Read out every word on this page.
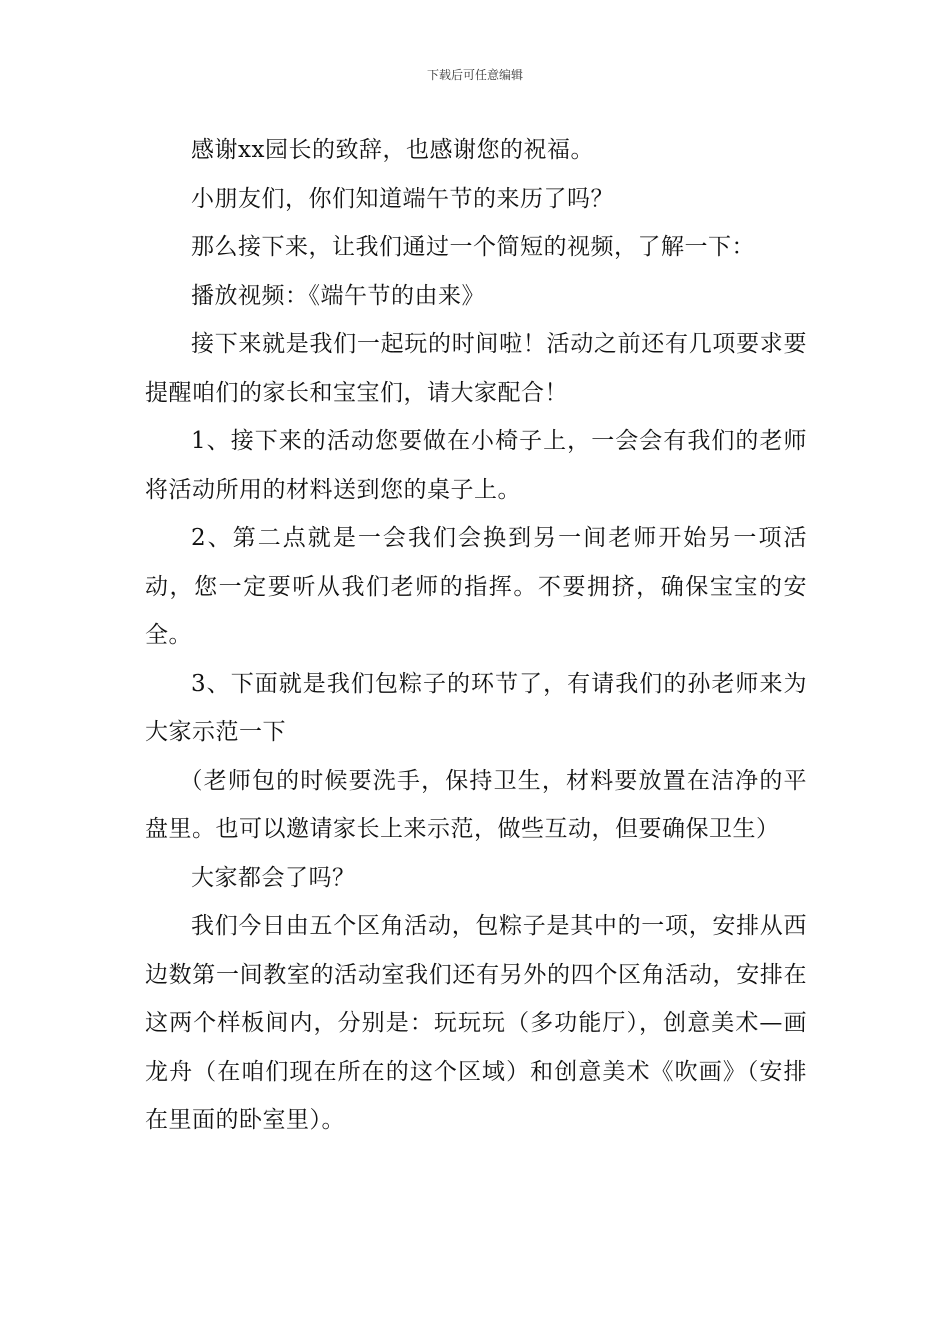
下载后可任意编辑

感谢xx园长的致辞，也感谢您的祝福。

小朋友们，你们知道端午节的来历了吗？

那么接下来，让我们通过一个简短的视频，了解一下：

播放视频：《端午节的由来》

接下来就是我们一起玩的时间啦！活动之前还有几项要求要提醒咱们的家长和宝宝们，请大家配合！

1、接下来的活动您要做在小椅子上，一会会有我们的老师将活动所用的材料送到您的桌子上。

2、第二点就是一会我们会换到另一间老师开始另一项活动，您一定要听从我们老师的指挥。不要拥挤，确保宝宝的安全。

3、下面就是我们包粽子的环节了，有请我们的孙老师来为大家示范一下

（老师包的时候要洗手，保持卫生，材料要放置在洁净的平盘里。也可以邀请家长上来示范，做些互动，但要确保卫生）

大家都会了吗？

我们今日由五个区角活动，包粽子是其中的一项，安排从西边数第一间教室的活动室我们还有另外的四个区角活动，安排在这两个样板间内，分别是：玩玩玩（多功能厅），创意美术—画龙舟（在咱们现在所在的这个区域）和创意美术《吹画》（安排在里面的卧室里）。
